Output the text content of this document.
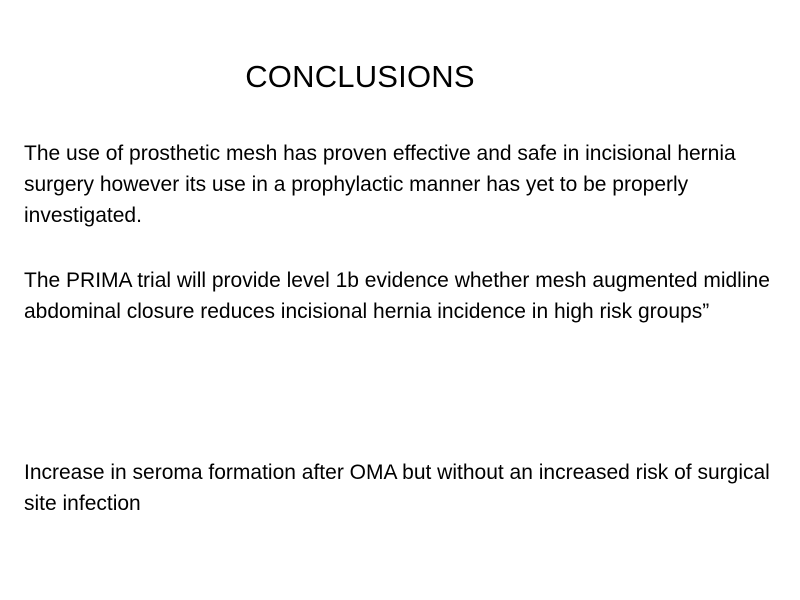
CONCLUSIONS

The use of prosthetic mesh has proven effective and safe in incisional hernia surgery however its use in a prophylactic manner has yet to be properly investigated.

The PRIMA trial will provide level 1b evidence whether mesh augmented midline abdominal closure reduces incisional hernia incidence in high risk groups”

Increase in seroma formation after OMA but without an increased risk of surgical site infection
